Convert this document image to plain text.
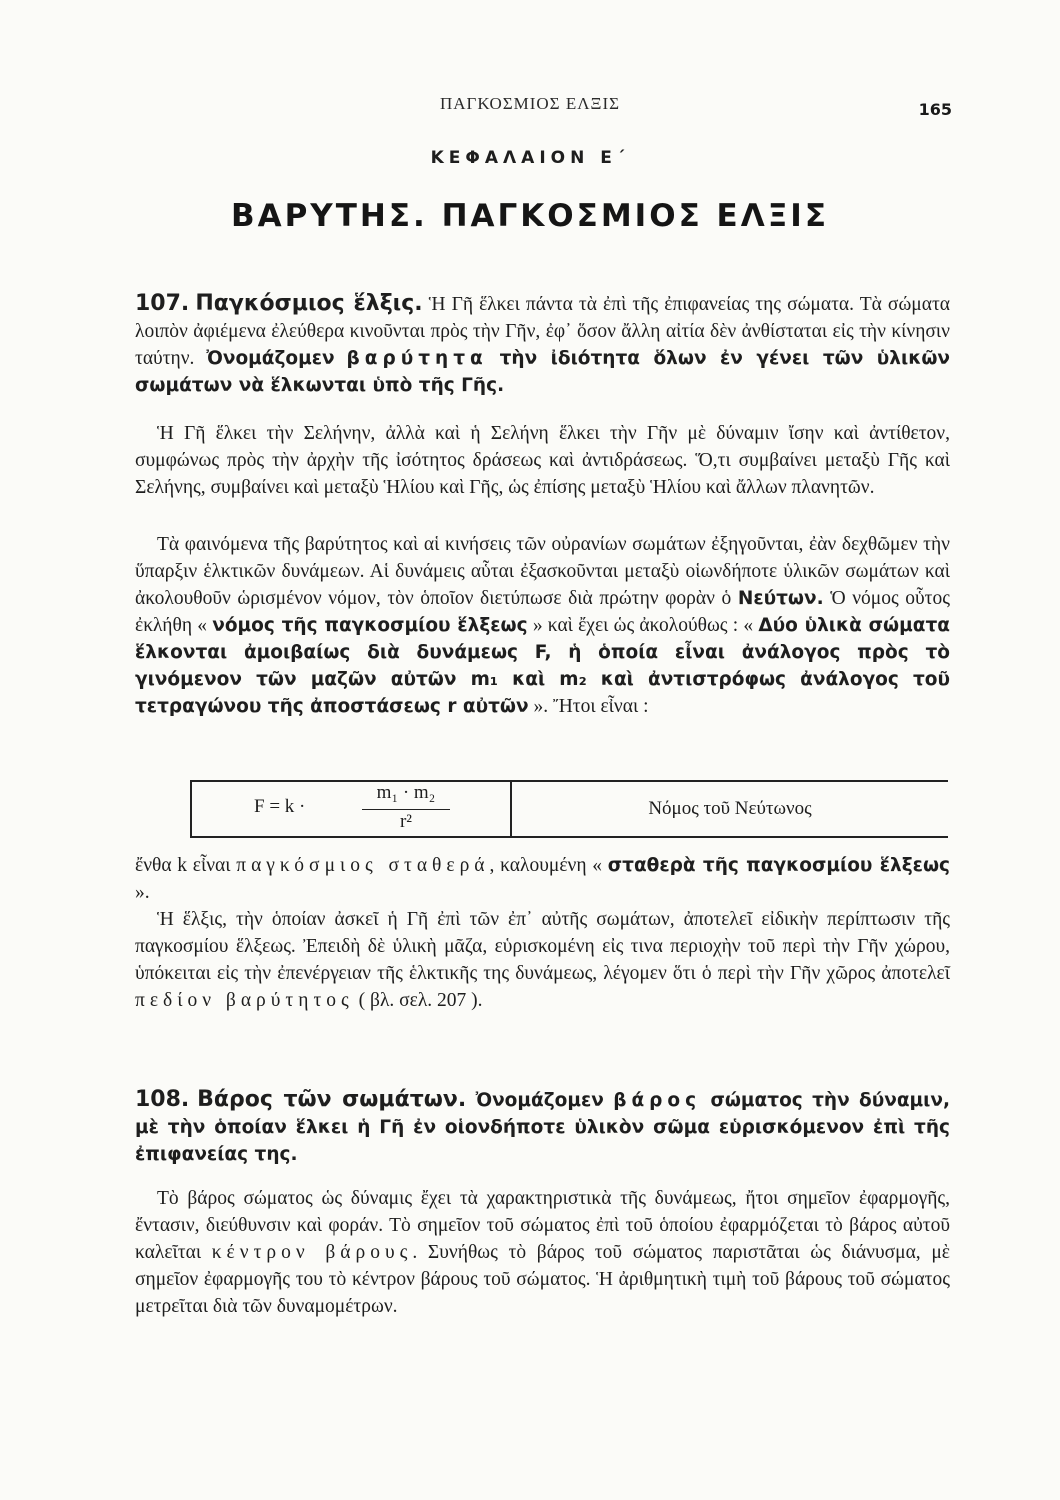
ΠΑΓΚΟΣΜΙΟΣ ΕΛΞΙΣ	165
ΚΕΦΑΛΑΙΟΝ Ε΄
ΒΑΡΥΤΗΣ. ΠΑΓΚΟΣΜΙΟΣ ΕΛΞΙΣ

107. Παγκόσμιος ἕλξις. Ἡ Γῆ ἕλκει πάντα τὰ ἐπὶ τῆς ἐπιφανείας της σώματα. Τὰ σώματα λοιπὸν ἀφιέμενα ἐλεύθερα κινοῦνται πρὸς τὴν Γῆν, ἐφ᾽ ὅσον ἄλλη αἰτία δὲν ἀνθίσταται εἰς τὴν κίνησιν ταύτην. Ὀνομάζομεν βαρύτητα τὴν ἰδιότητα ὅλων ἐν γένει τῶν ὑλικῶν σωμάτων νὰ ἕλκωνται ὑπὸ τῆς Γῆς.

Ἡ Γῆ ἕλκει τὴν Σελήνην, ἀλλὰ καὶ ἡ Σελήνη ἕλκει τὴν Γῆν μὲ δύναμιν ἴσην καὶ ἀντίθετον, συμφώνως πρὸς τὴν ἀρχὴν τῆς ἰσότητος δράσεως καὶ ἀντιδράσεως. Ὅ,τι συμβαίνει μεταξὺ Γῆς καὶ Σελήνης, συμβαίνει καὶ μεταξὺ Ἡλίου καὶ Γῆς, ὡς ἐπίσης μεταξὺ Ἡλίου καὶ ἄλλων πλανητῶν.

Τὰ φαινόμενα τῆς βαρύτητος καὶ αἱ κινήσεις τῶν οὐρανίων σωμάτων ἐξηγοῦνται, ἐὰν δεχθῶμεν τὴν ὕπαρξιν ἑλκτικῶν δυνάμεων. Αἱ δυνάμεις αὗται ἐξασκοῦνται μεταξὺ οἱωνδήποτε ὑλικῶν σωμάτων καὶ ἀκολουθοῦν ὡρισμένον νόμον, τὸν ὁποῖον διετύπωσε διὰ πρώτην φορὰν ὁ Νεύτων. Ὁ νόμος οὗτος ἐκλήθη « νόμος τῆς παγκοσμίου ἕλξεως » καὶ ἔχει ὡς ἀκολούθως : « Δύο ὑλικὰ σώματα ἕλκονται ἀμοιβαίως διὰ δυνάμεως F, ἡ ὁποία εἶναι ἀνάλογος πρὸς τὸ γινόμενον τῶν μαζῶν αὐτῶν m₁ καὶ m₂ καὶ ἀντιστρόφως ἀνάλογος τοῦ τετραγώνου τῆς ἀποστάσεως r αὐτῶν ». Ἤτοι εἶναι :

F = k ·
m₁ · m₂
r²
Νόμος τοῦ Νεύτωνος

ἔνθα k εἶναι παγκόσμιος σταθερά, καλουμένη « σταθερὰ τῆς παγκοσμίου ἕλξεως ».

Ἡ ἕλξις, τὴν ὁποίαν ἀσκεῖ ἡ Γῆ ἐπὶ τῶν ἐπ᾽ αὐτῆς σωμάτων, ἀποτελεῖ εἰδικὴν περίπτωσιν τῆς παγκοσμίου ἕλξεως. Ἐπειδὴ δὲ ὑλικὴ μᾶζα, εὑρισκομένη εἰς τινα περιοχὴν τοῦ περὶ τὴν Γῆν χώρου, ὑπόκειται εἰς τὴν ἐπενέργειαν τῆς ἑλκτικῆς της δυνάμεως, λέγομεν ὅτι ὁ περὶ τὴν Γῆν χῶρος ἀποτελεῖ πεδίον βαρύτητος ( βλ. σελ. 207 ).

108. Βάρος τῶν σωμάτων. Ὀνομάζομεν βάρος σώματος τὴν δύναμιν, μὲ τὴν ὁποίαν ἕλκει ἡ Γῆ ἐν οἱονδήποτε ὑλικὸν σῶμα εὑρισκόμενον ἐπὶ τῆς ἐπιφανείας της.

Τὸ βάρος σώματος ὡς δύναμις ἔχει τὰ χαρακτηριστικὰ τῆς δυνάμεως, ἤτοι σημεῖον ἐφαρμογῆς, ἔντασιν, διεύθυνσιν καὶ φοράν. Τὸ σημεῖον τοῦ σώματος ἐπὶ τοῦ ὁποίου ἐφαρμόζεται τὸ βάρος αὐτοῦ καλεῖται κέντρον βάρους. Συνήθως τὸ βάρος τοῦ σώματος παριστᾶται ὡς διάνυσμα, μὲ σημεῖον ἐφαρμογῆς του τὸ κέντρον βάρους τοῦ σώματος. Ἡ ἀριθμητικὴ τιμὴ τοῦ βάρους τοῦ σώματος μετρεῖται διὰ τῶν δυναμομέτρων.
